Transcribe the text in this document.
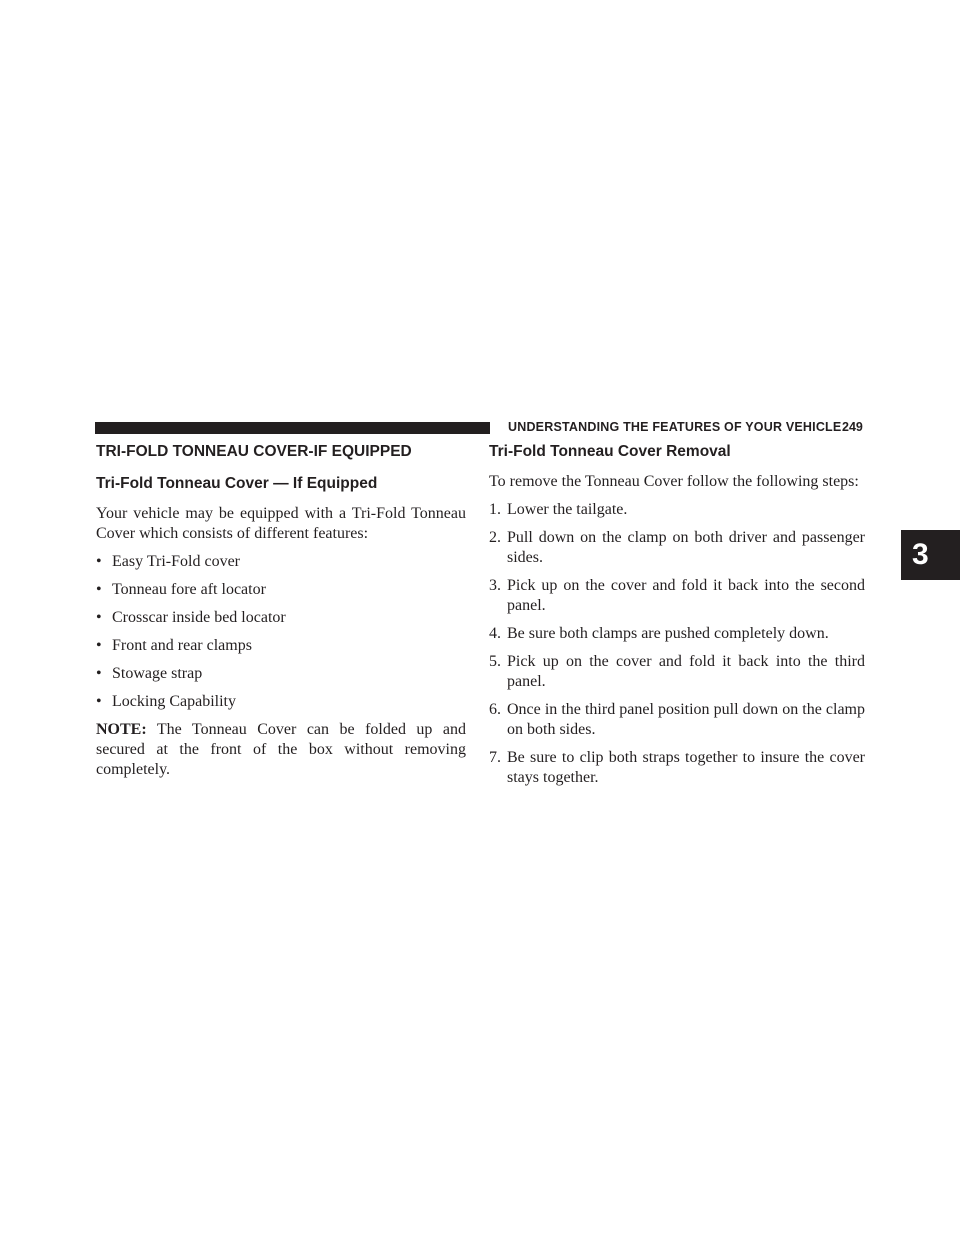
UNDERSTANDING THE FEATURES OF YOUR VEHICLE 249
3
TRI-FOLD TONNEAU COVER-IF EQUIPPED
Tri-Fold Tonneau Cover — If Equipped

Your vehicle may be equipped with a Tri-Fold Tonneau Cover which consists of different features:

• Easy Tri-Fold cover
• Tonneau fore aft locator
• Crosscar inside bed locator
• Front and rear clamps
• Stowage strap
• Locking Capability

NOTE: The Tonneau Cover can be folded up and secured at the front of the box without removing completely.

Tri-Fold Tonneau Cover Removal

To remove the Tonneau Cover follow the following steps:

1. Lower the tailgate.
2. Pull down on the clamp on both driver and passenger sides.
3. Pick up on the cover and fold it back into the second panel.
4. Be sure both clamps are pushed completely down.
5. Pick up on the cover and fold it back into the third panel.
6. Once in the third panel position pull down on the clamp on both sides.
7. Be sure to clip both straps together to insure the cover stays together.
